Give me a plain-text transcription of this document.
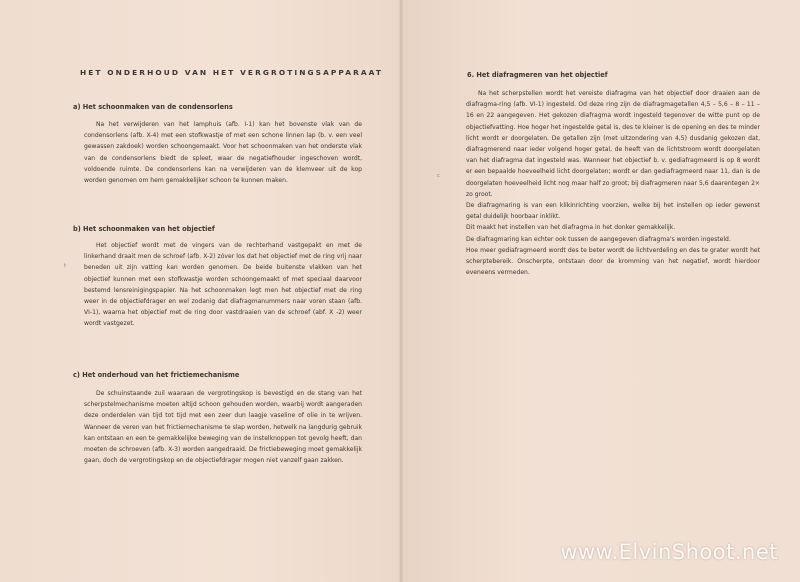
HET ONDERHOUD VAN HET VERGROTINGSAPPARAAT
a) Het schoonmaken van de condensorlens

Na het verwijderen van het lamphuis (afb. I-1) kan het bovenste vlak van de condensorlens (afb. X-4) met een stofkwastje of met een schone linnen lap (b. v. een veel gewassen zakdoek) worden schoongemaakt. Voor het schoonmaken van het onderste vlak van de condensorlens biedt de spleet, waar de negatiefhouder ingeschoven wordt, voldoende ruimte. De condensorlens kan na verwijderen van de klemveer uit de kop worden genomen om hem gemakkelijker schoon te kunnen maken.

b) Het schoonmaken van het objectief

Het objectief wordt met de vingers van de rechterhand vastgepakt en met de linkerhand draait men de schroef (afb. X-2) zóver los dat het objectief met de ring vrij naar beneden uit zijn vatting kan worden genomen. De beide buitenste vlakken van het objectief kunnen met een stofkwastje worden schoongemaakt of met speciaal daarvoor bestemd lensreinigingspapier. Na het schoonmaken legt men het objectief met de ring weer in de objectiefdrager en wel zodanig dat diafragmanummers naar voren staan (afb. VI-1), waarna het objectief met de ring door vastdraaien van de schroef (abf. X -2) weer wordt vastgezet.

t
c) Het onderhoud van het frictiemechanisme

De schuinstaande zuil waaraan de vergrotingskop is bevestigd en de stang van het scherpstelmechanisme moeten altijd schoon gehouden worden, waarbij wordt aangeraden deze onderdelen van tijd tot tijd met een zeer dun laagje vaseline of olie in te wrijven. Wanneer de veren van het frictiemechanisme te slap worden, hetwelk na langdurig gebruik kan ontstaan en een te gemakkelijke beweging van de instelknoppen tot gevolg heeft, dan moeten de schroeven (afb. X-3) worden aangedraaid. De frictiebeweging moet gemakkelijk gaan, doch de vergrotingskop en de objectiefdrager mogen niet vanzelf gaan zakken.

6. Het diafragmeren van het objectief

Na het scherpstellen wordt het vereiste diafragma van het objectief door draaien aan de diafragma-ring (afb. VI-1) ingesteld. Od deze ring zijn de diafragmagetallen 4,5 – 5,6 – 8 – 11 – 16 en 22 aangegeven. Het gekozen diafragma wordt ingesteld tegenover de witte punt op de objectiefvatting. Hoe hoger het ingestelde getal is, des te kleiner is de opening en des te minder licht wordt er doorgelaten. De getallen zijn (met uitzondering van 4,5) dusdanig gekozen dat, diafragmerend naar ieder volgend hoger getal, de heeft van de lichtstroom wordt doorgelaten van het diafragma dat ingesteld was. Wanneer het objectief b. v. gediafragmeerd is op 8 wordt er een bepaalde hoeveelheid licht doorgelaten; wordt er dan gediafragmeerd naar 11, dan is de doorgelaten hoeveelheid licht nog maar half zo groot; bij diafragmeren naar 5,6 daarentegen 2× zo groot.

De diafragmaring is van een klikinrichting voorzien, welke bij het instellen op ieder gewenst getal duidelijk hoorbaar inklikt.

Dit maakt het instellen van het diafragma in het donker gemakkelijk.

De diafragmaring kan echter ook tussen de aangegeven diafragma's worden ingesteld.

Hoe meer gediafragmeerd wordt des te beter wordt de lichtverdeling en des te grater wordt het scherptebereik. Onscherpte, ontstaan door de kromming van het negatief, wordt hierdoor eveneens vermeden.

c
www.ElvinShoot.net
